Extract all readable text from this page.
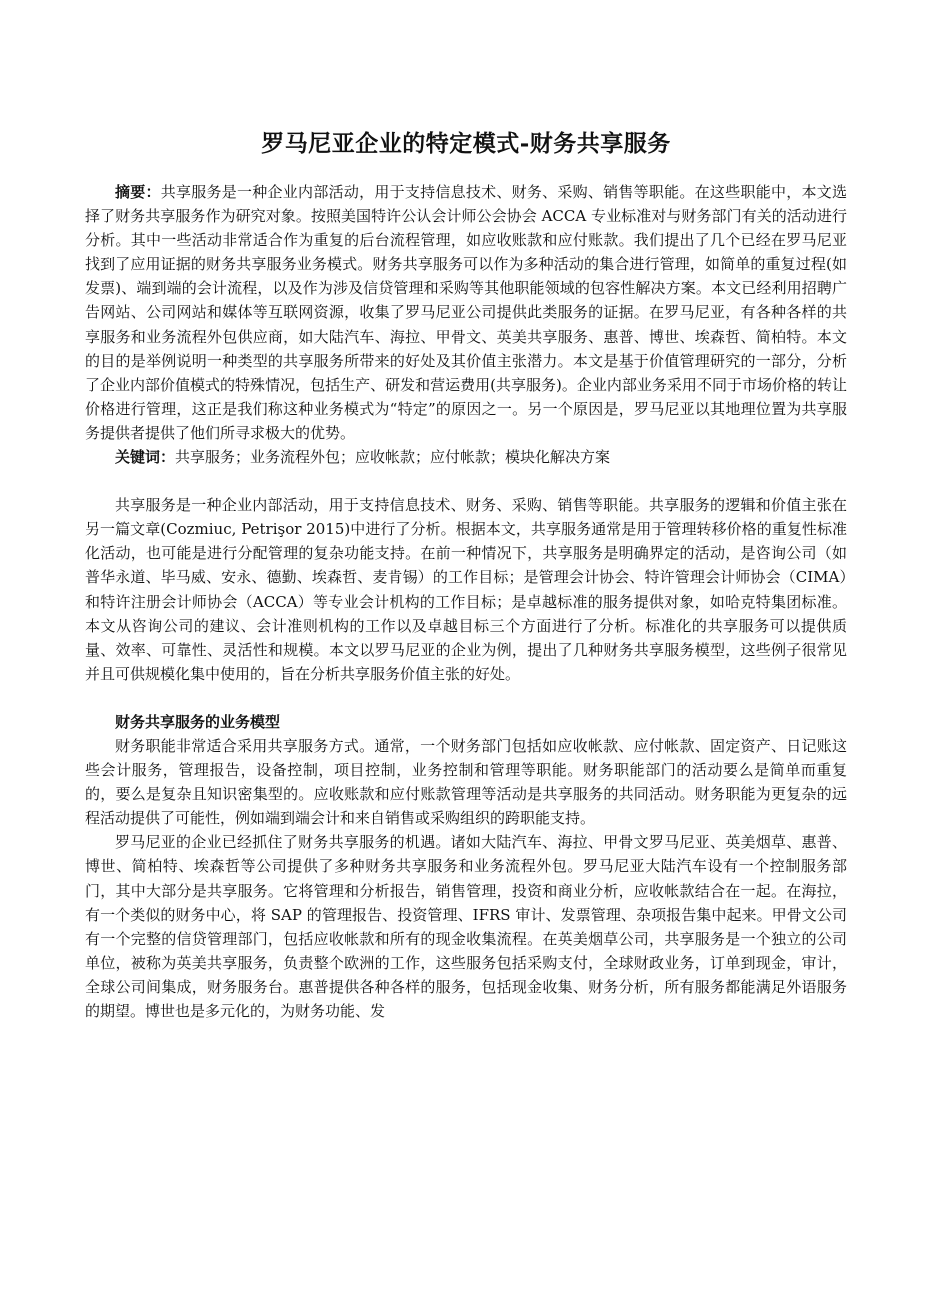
罗马尼亚企业的特定模式-财务共享服务

摘要：共享服务是一种企业内部活动，用于支持信息技术、财务、采购、销售等职能。在这些职能中，本文选择了财务共享服务作为研究对象。按照美国特许公认会计师公会协会 ACCA 专业标准对与财务部门有关的活动进行分析。其中一些活动非常适合作为重复的后台流程管理，如应收账款和应付账款。我们提出了几个已经在罗马尼亚找到了应用证据的财务共享服务业务模式。财务共享服务可以作为多种活动的集合进行管理，如简单的重复过程(如发票)、端到端的会计流程，以及作为涉及信贷管理和采购等其他职能领域的包容性解决方案。本文已经利用招聘广告网站、公司网站和媒体等互联网资源，收集了罗马尼亚公司提供此类服务的证据。在罗马尼亚，有各种各样的共享服务和业务流程外包供应商，如大陆汽车、海拉、甲骨文、英美共享服务、惠普、博世、埃森哲、简柏特。本文的目的是举例说明一种类型的共享服务所带来的好处及其价值主张潜力。本文是基于价值管理研究的一部分，分析了企业内部价值模式的特殊情况，包括生产、研发和营运费用(共享服务)。企业内部业务采用不同于市场价格的转让价格进行管理，这正是我们称这种业务模式为“特定”的原因之一。另一个原因是，罗马尼亚以其地理位置为共享服务提供者提供了他们所寻求极大的优势。

关键词：共享服务；业务流程外包；应收帐款；应付帐款；模块化解决方案

共享服务是一种企业内部活动，用于支持信息技术、财务、采购、销售等职能。共享服务的逻辑和价值主张在另一篇文章(Cozmiuc, Petrişor 2015)中进行了分析。根据本文，共享服务通常是用于管理转移价格的重复性标准化活动，也可能是进行分配管理的复杂功能支持。在前一种情况下，共享服务是明确界定的活动，是咨询公司（如普华永道、毕马威、安永、德勤、埃森哲、麦肯锡）的工作目标；是管理会计协会、特许管理会计师协会（CIMA）和特许注册会计师协会（ACCA）等专业会计机构的工作目标；是卓越标准的服务提供对象，如哈克特集团标准。本文从咨询公司的建议、会计准则机构的工作以及卓越目标三个方面进行了分析。标准化的共享服务可以提供质量、效率、可靠性、灵活性和规模。本文以罗马尼亚的企业为例，提出了几种财务共享服务模型，这些例子很常见并且可供规模化集中使用的，旨在分析共享服务价值主张的好处。

财务共享服务的业务模型

财务职能非常适合采用共享服务方式。通常，一个财务部门包括如应收帐款、应付帐款、固定资产、日记账这些会计服务，管理报告，设备控制，项目控制，业务控制和管理等职能。财务职能部门的活动要么是简单而重复的，要么是复杂且知识密集型的。应收账款和应付账款管理等活动是共享服务的共同活动。财务职能为更复杂的远程活动提供了可能性，例如端到端会计和来自销售或采购组织的跨职能支持。

罗马尼亚的企业已经抓住了财务共享服务的机遇。诸如大陆汽车、海拉、甲骨文罗马尼亚、英美烟草、惠普、博世、简柏特、埃森哲等公司提供了多种财务共享服务和业务流程外包。罗马尼亚大陆汽车设有一个控制服务部门，其中大部分是共享服务。它将管理和分析报告，销售管理，投资和商业分析，应收帐款结合在一起。在海拉，有一个类似的财务中心，将 SAP 的管理报告、投资管理、IFRS 审计、发票管理、杂项报告集中起来。甲骨文公司有一个完整的信贷管理部门，包括应收帐款和所有的现金收集流程。在英美烟草公司，共享服务是一个独立的公司单位，被称为英美共享服务，负责整个欧洲的工作，这些服务包括采购支付，全球财政业务，订单到现金，审计，全球公司间集成，财务服务台。惠普提供各种各样的服务，包括现金收集、财务分析，所有服务都能满足外语服务的期望。博世也是多元化的，为财务功能、发
